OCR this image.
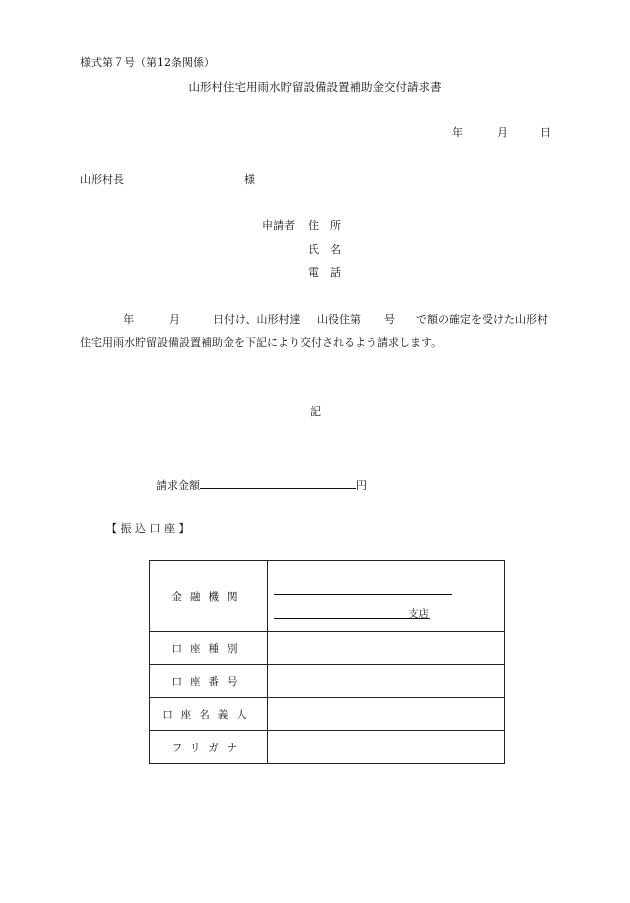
様式第７号（第12条関係）
山形村住宅用雨水貯留設備設置補助金交付請求書
年	月	日
山形村長	様
申請者 住　所
氏　名
電　話
年	月	日付け、山形村達 山役住第 号 で額の確定を受けた山形村
住宅用雨水貯留設備設置補助金を下記により交付されるよう請求します。
記
請求金額	円
【 振 込 口 座 】
金融機関	支店

口座種別	
口座番号	
口座名義人	
フリガナ	
